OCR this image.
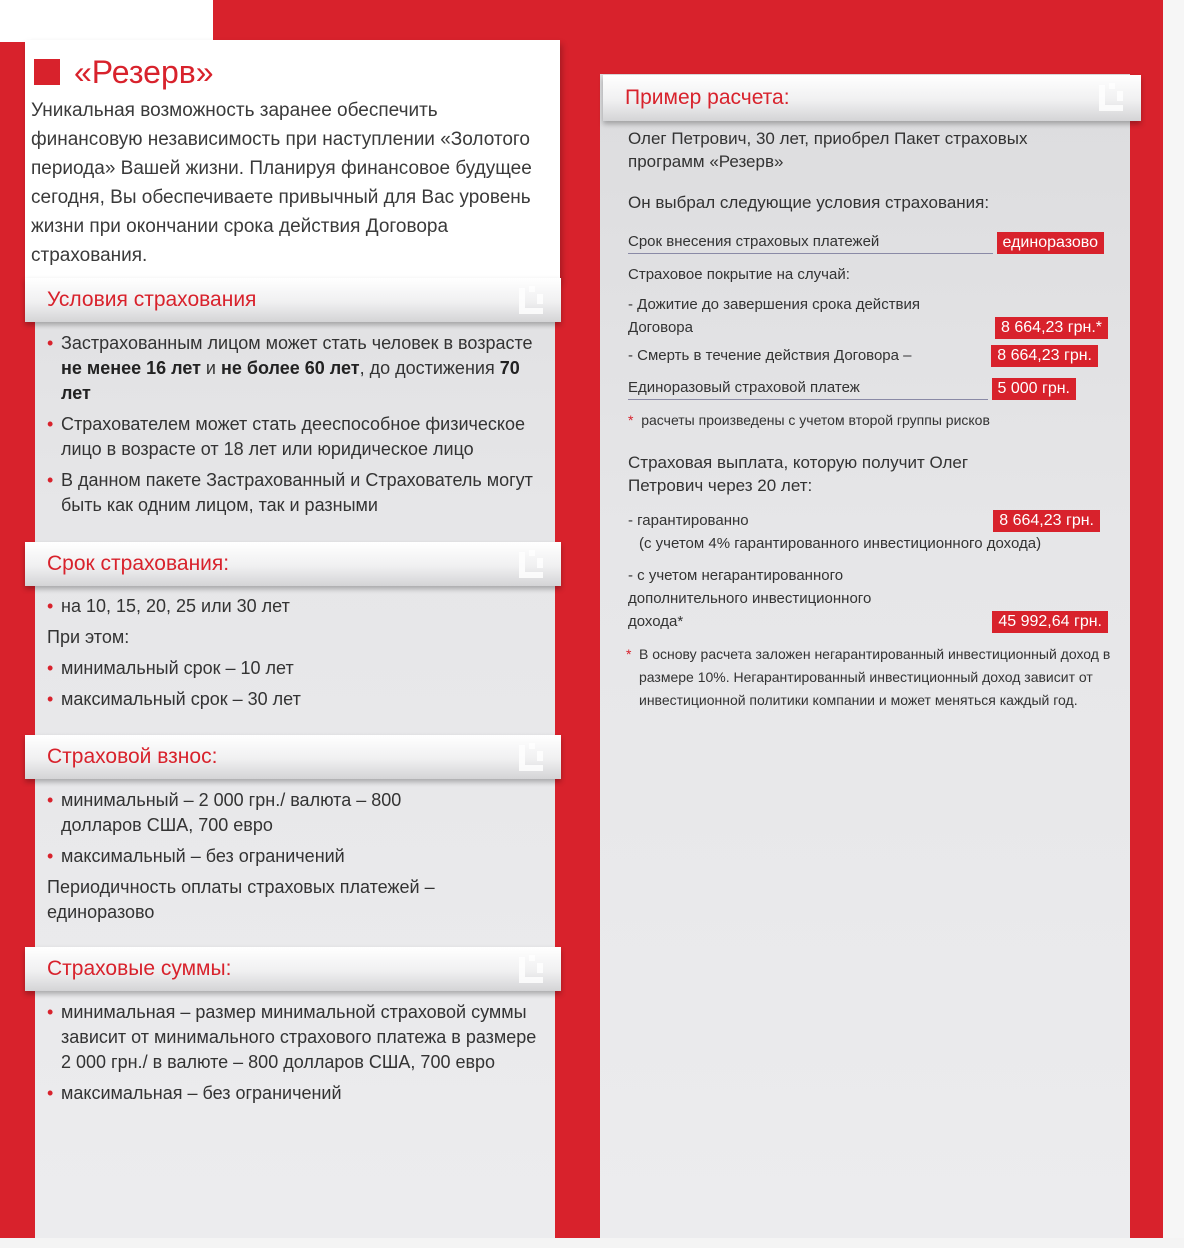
«Резерв»
Уникальная возможность заранее обеспечить финансовую независимость при наступлении «Золотого периода» Вашей жизни. Планируя финансовое будущее сегодня, Вы обеспечиваете привычный для Вас уровень жизни при окончании срока действия Договора страхования.
Условия страхования
• Застрахованным лицом может стать человек в возрасте не менее 16 лет и не более 60 лет, до достижения 70 лет
• Страхователем может стать дееспособное физическое лицо в возрасте от 18 лет или юридическое лицо
• В данном пакете Застрахованный и Страхователь могут быть как одним лицом, так и разными
Срок страхования:
• на 10, 15, 20, 25 или 30 лет
При этом:
• минимальный срок – 10 лет
• максимальный срок – 30 лет
Страховой взнос:
• минимальный – 2 000 грн./ валюта – 800 долларов США, 700 евро
• максимальный – без ограничений
Периодичность оплаты страховых платежей – единоразово
Страховые суммы:
• минимальная – размер минимальной страховой суммы зависит от минимального страхового платежа в размере 2 000 грн./ в валюте – 800 долларов США, 700 евро
• максимальная – без ограничений
Пример расчета:
Олег Петрович, 30 лет, приобрел Пакет страховых программ «Резерв»
Он выбрал следующие условия страхования:
Срок внесения страховых платежей	единоразово
Страховое покрытие на случай:
- Дожитие до завершения срока действия Договора	8 664,23 грн.*
- Смерть в течение действия Договора –	8 664,23 грн.
Единоразовый страховой платеж	5 000 грн.
* расчеты произведены с учетом второй группы рисков
Страховая выплата, которую получит Олег Петрович через 20 лет:
- гарантированно	8 664,23 грн.
(с учетом 4% гарантированного инвестиционного дохода)
- с учетом негарантированного дополнительного инвестиционного дохода*	45 992,64 грн.
* В основу расчета заложен негарантированный инвестиционный доход в размере 10%. Негарантированный инвестиционный доход зависит от инвестиционной политики компании и может меняться каждый год.
